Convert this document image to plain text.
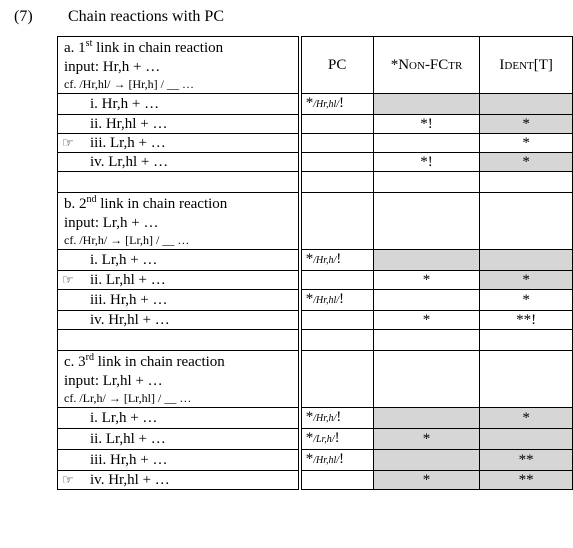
(7) Chain reactions with PC
a. 1st link in chain reaction
input: Hr,h + …
cf. /Hr,hl/ → [Hr,h] / __ …	PC	*Non-FCtr	Ident[T]
i. Hr,h + …	*/Hr,hl/!		
ii. Hr,hl + …		*!	*

☞ iii. Lr,h + …			*
iv. Lr,hl + …		*!	*

b. 2nd link in chain reaction
input: Lr,h + …
cf. /Hr,h/ → [Lr,h] / __ …			

i. Lr,h + …	*/Hr,h/!		

☞ ii. Lr,hl + …		*	*
iii. Hr,h + …	*/Hr,hl/!		*
iv. Hr,hl + …		*	**!

c. 3rd link in chain reaction
input: Lr,hl + …
cf. /Lr,h/ → [Lr,hl] / __ …			

i. Lr,h + …	*/Hr,h/!		*
ii. Lr,hl + …	*/Lr,h/!	*	
iii. Hr,h + …	*/Hr,hl/!		**

☞ iv. Hr,hl + …		*	**
